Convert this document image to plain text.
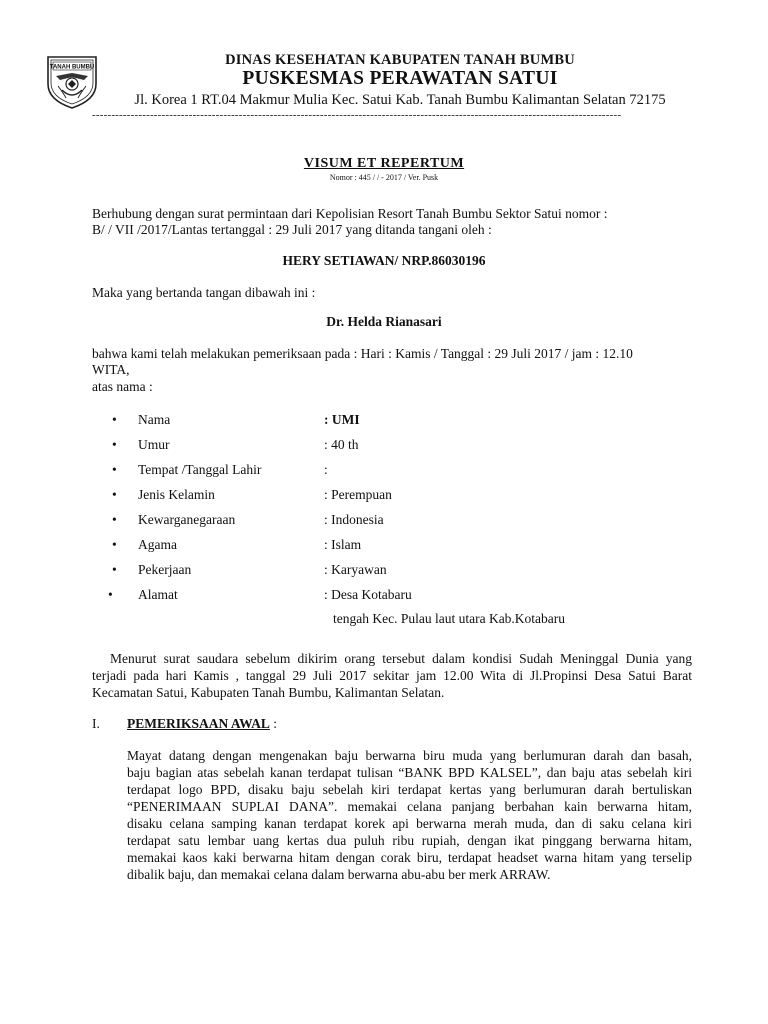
TANAH BUMBU	DINAS KESEHATAN KABUPATEN TANAH BUMBU
PUSKESMAS PERAWATAN SATUI
Jl. Korea 1 RT.04 Makmur Mulia Kec. Satui Kab. Tanah Bumbu Kalimantan Selatan 72175
-----------------------------------------------------------------------------------------------------------------------------------------
VISUM ET REPERTUM
Nomor : 445 / / - 2017 / Ver. Pusk
Berhubung dengan surat permintaan dari Kepolisian Resort Tanah Bumbu Sektor Satui nomor :
B/ / VII /2017/Lantas tertanggal : 29 Juli 2017 yang ditanda tangani oleh :
HERY SETIAWAN/ NRP.86030196
Maka yang bertanda tangan dibawah ini :
Dr. Helda Rianasari
bahwa kami telah melakukan pemeriksaan pada : Hari : Kamis / Tanggal : 29 Juli 2017 / jam : 12.10
WITA,
atas nama :
• Nama	: UMI
• Umur	: 40 th
• Tempat /Tanggal Lahir	:
• Jenis Kelamin	: Perempuan
• Kewarganegaraan	: Indonesia
• Agama	: Islam
• Pekerjaan	: Karyawan
• Alamat	: Desa Kotabaru
tengah Kec. Pulau laut utara Kab.Kotabaru
Menurut surat saudara sebelum dikirim orang tersebut dalam kondisi Sudah Meninggal Dunia yang
terjadi pada hari Kamis , tanggal 29 Juli 2017 sekitar jam 12.00 Wita di Jl.Propinsi Desa Satui Barat
Kecamatan Satui, Kabupaten Tanah Bumbu, Kalimantan Selatan.
I. PEMERIKSAAN AWAL :
Mayat datang dengan mengenakan baju berwarna biru muda yang berlumuran darah dan basah,
baju bagian atas sebelah kanan terdapat tulisan “BANK BPD KALSEL”, dan baju atas sebelah kiri
terdapat logo BPD, disaku baju sebelah kiri terdapat kertas yang berlumuran darah bertuliskan
“PENERIMAAN SUPLAI DANA”. memakai celana panjang berbahan kain berwarna hitam,
disaku celana samping kanan terdapat korek api berwarna merah muda, dan di saku celana kiri
terdapat satu lembar uang kertas dua puluh ribu rupiah, dengan ikat pinggang berwarna hitam,
memakai kaos kaki berwarna hitam dengan corak biru, terdapat headset warna hitam yang terselip
dibalik baju, dan memakai celana dalam berwarna abu-abu ber merk ARRAW.
